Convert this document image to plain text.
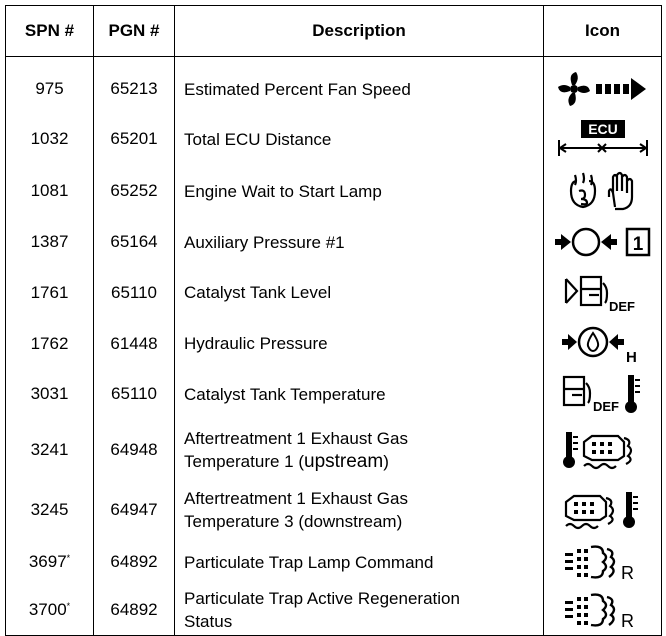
SPN #	PGN #	Description	Icon

975	65213	Estimated Percent Fan Speed	

1032	65201	Total ECU Distance	ECU

1081	65252	Engine Wait to Start Lamp	

1387	65164	Auxiliary Pressure #1	1

1761	65110	Catalyst Tank Level	DEF

1762	61448	Hydraulic Pressure	H

3031	65110	Catalyst Tank Temperature	DEF

3241	64948	Aftertreatment 1 Exhaust Gas
Temperature 1 (upstream)	

3245	64947	Aftertreatment 1 Exhaust Gas
Temperature 3 (downstream)	

3697*	64892	Particulate Trap Lamp Command	R

3700*	64892	Particulate Trap Active Regeneration
Status	R
